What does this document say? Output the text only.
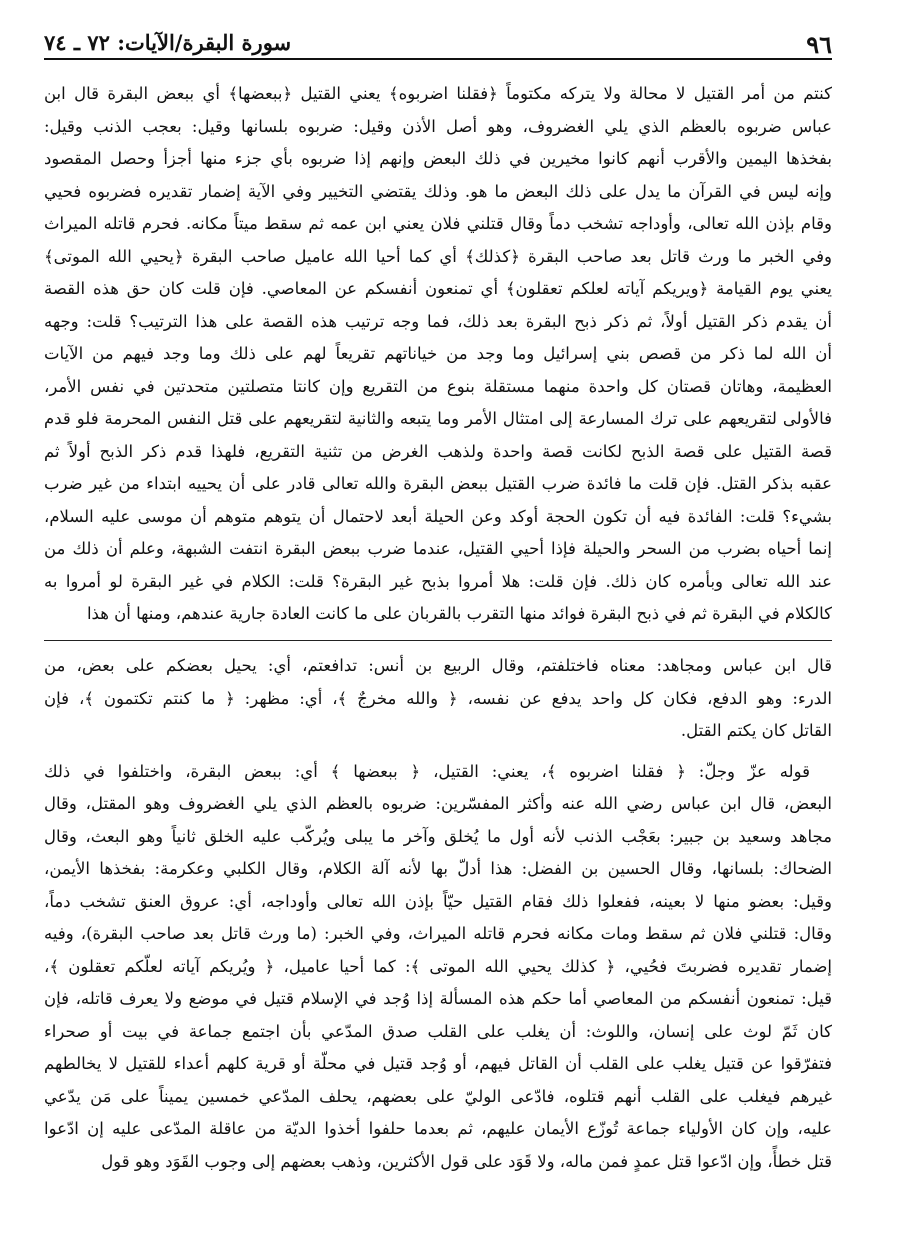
٩٦
سورة البقرة/الآيات: ٧٢ ـ ٧٤

كنتم من أمر القتيل لا محالة ولا يتركه مكتوماً ﴿فقلنا اضربوه﴾ يعني القتيل ﴿ببعضها﴾ أي ببعض البقرة قال ابن

عباس ضربوه بالعظم الذي يلي الغضروف، وهو أصل الأذن وقيل: ضربوه بلسانها وقيل: بعجب الذنب وقيل:

بفخذها اليمين والأقرب أنهم كانوا مخيرين في ذلك البعض وإنهم إذا ضربوه بأي جزء منها أجزأ وحصل المقصود

وإنه ليس في القرآن ما يدل على ذلك البعض ما هو. وذلك يقتضي التخيير وفي الآية إضمار تقديره فضربوه فحيي

وقام بإذن الله تعالى، وأوداجه تشخب دماً وقال قتلني فلان يعني ابن عمه ثم سقط ميتاً مكانه. فحرم قاتله الميراث

وفي الخبر ما ورث قاتل بعد صاحب البقرة ﴿كذلك﴾ أي كما أحيا الله عاميل صاحب البقرة ﴿يحيي الله الموتى﴾

يعني يوم القيامة ﴿ويريكم آياته لعلكم تعقلون﴾ أي تمنعون أنفسكم عن المعاصي. فإن قلت كان حق هذه القصة

أن يقدم ذكر القتيل أولاً، ثم ذكر ذبح البقرة بعد ذلك، فما وجه ترتيب هذه القصة على هذا الترتيب؟ قلت: وجهه

أن الله لما ذكر من قصص بني إسرائيل وما وجد من خياناتهم تقريعاً لهم على ذلك وما وجد فيهم من الآيات

العظيمة، وهاتان قصتان كل واحدة منهما مستقلة بنوع من التقريع وإن كانتا متصلتين متحدتين في نفس الأمر،

فالأولى لتقريعهم على ترك المسارعة إلى امتثال الأمر وما يتبعه والثانية لتقريعهم على قتل النفس المحرمة فلو قدم

قصة القتيل على قصة الذبح لكانت قصة واحدة ولذهب الغرض من تثنية التقريع، فلهذا قدم ذكر الذبح أولاً ثم

عقبه بذكر القتل. فإن قلت ما فائدة ضرب القتيل ببعض البقرة والله تعالى قادر على أن يحييه ابتداء من غير ضرب

بشيء؟ قلت: الفائدة فيه أن تكون الحجة أوكد وعن الحيلة أبعد لاحتمال أن يتوهم متوهم أن موسى عليه السلام،

إنما أحياه بضرب من السحر والحيلة فإذا أحيي القتيل، عندما ضرب ببعض البقرة انتفت الشبهة، وعلم أن ذلك من

عند الله تعالى وبأمره كان ذلك. فإن قلت: هلا أمروا بذبح غير البقرة؟ قلت: الكلام في غير البقرة لو أمروا به

كالكلام في البقرة ثم في ذبح البقرة فوائد منها التقرب بالقربان على ما كانت العادة جارية عندهم، ومنها أن هذا

قال ابن عباس ومجاهد: معناه فاختلفتم، وقال الربيع بن أنس: تدافعتم، أي: يحيل بعضكم على بعض، من

الدرء: وهو الدفع، فكان كل واحد يدفع عن نفسه، ﴿ والله مخرجٌ ﴾، أي: مظهر: ﴿ ما كنتم تكتمون ﴾، فإن

القاتل كان يكتم القتل.

قوله عزّ وجلّ: ﴿ فقلنا اضربوه ﴾، يعني: القتيل، ﴿ ببعضها ﴾ أي: ببعض البقرة، واختلفوا في ذلك

البعض، قال ابن عباس رضي الله عنه وأكثر المفسّرين: ضربوه بالعظم الذي يلي الغضروف وهو المقتل، وقال

مجاهد وسعيد بن جبير: بعَجْب الذنب لأنه أول ما يُخلق وآخر ما يبلى ويُركّب عليه الخلق ثانياً وهو البعث، وقال

الضحاك: بلسانها، وقال الحسين بن الفضل: هذا أدلّ بها لأنه آلة الكلام، وقال الكلبي وعكرمة: بفخذها الأيمن،

وقيل: بعضو منها لا بعينه، ففعلوا ذلك فقام القتيل حيّاً بإذن الله تعالى وأوداجه، أي: عروق العنق تشخب دماً،

وقال: قتلني فلان ثم سقط ومات مكانه فحرم قاتله الميراث، وفي الخبر: (ما ورث قاتل بعد صاحب البقرة)، وفيه

إضمار تقديره فضربتَ فحُيي، ﴿ كذلك يحيي الله الموتى ﴾: كما أحيا عاميل، ﴿ ويُريكم آياته لعلّكم تعقلون ﴾،

قيل: تمنعون أنفسكم من المعاصي أما حكم هذه المسألة إذا وُجد في الإسلام قتيل في موضع ولا يعرف قاتله، فإن

كان ثَمّ لوث على إنسان، واللوث: أن يغلب على القلب صدق المدّعي بأن اجتمع جماعة في بيت أو صحراء

فتفرّقوا عن قتيل يغلب على القلب أن القاتل فيهم، أو وُجد قتيل في محلّة أو قرية كلهم أعداء للقتيل لا يخالطهم

غيرهم فيغلب على القلب أنهم قتلوه، فادّعى الوليّ على بعضهم، يحلف المدّعي خمسين يميناً على مَن يدّعي

عليه، وإن كان الأولياء جماعة تُوزّع الأيمان عليهم، ثم بعدما حلفوا أخذوا الديّة من عاقلة المدّعى عليه إن ادّعوا

قتل خطأً، وإن ادّعوا قتل عمدٍ فمن ماله، ولا قَوَد على قول الأكثرين، وذهب بعضهم إلى وجوب القَوَد وهو قول
